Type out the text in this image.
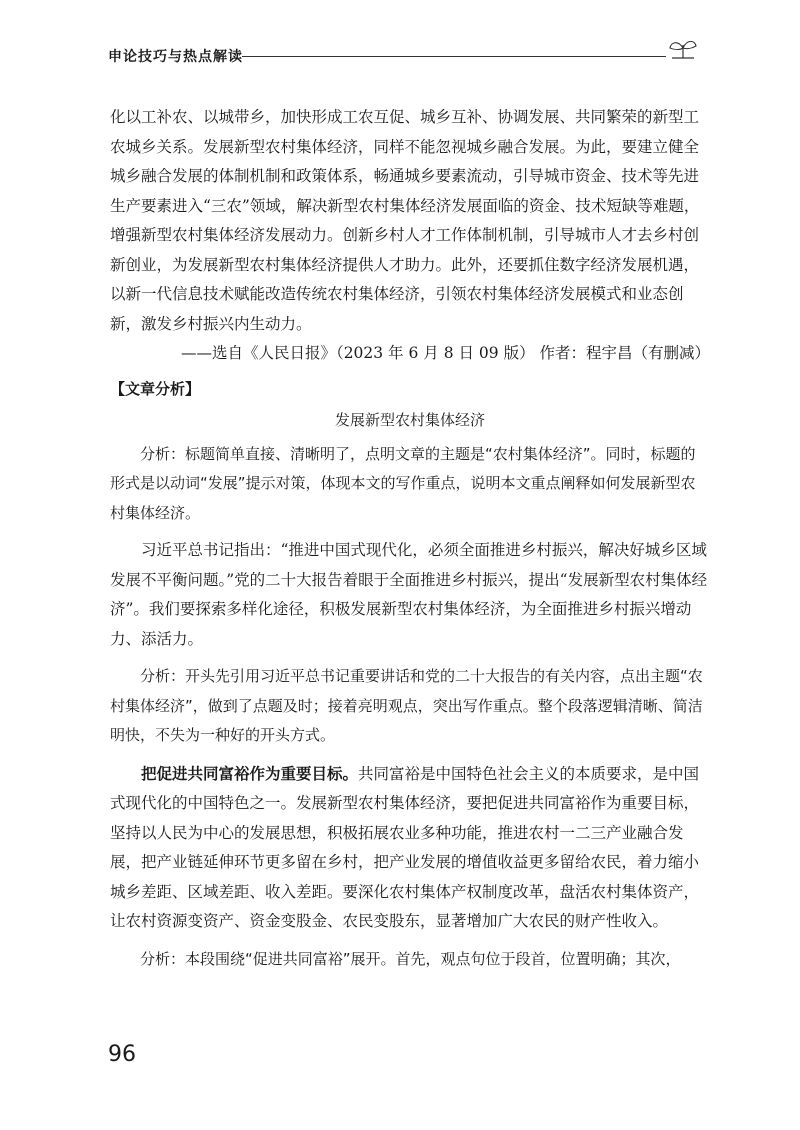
申论技巧与热点解读

化以工补农、以城带乡，加快形成工农互促、城乡互补、协调发展、共同繁荣的新型工农城乡关系。发展新型农村集体经济，同样不能忽视城乡融合发展。为此，要建立健全城乡融合发展的体制机制和政策体系，畅通城乡要素流动，引导城市资金、技术等先进生产要素进入“三农”领域，解决新型农村集体经济发展面临的资金、技术短缺等难题，增强新型农村集体经济发展动力。创新乡村人才工作体制机制，引导城市人才去乡村创新创业，为发展新型农村集体经济提供人才助力。此外，还要抓住数字经济发展机遇，以新一代信息技术赋能改造传统农村集体经济，引领农村集体经济发展模式和业态创新，激发乡村振兴内生动力。

——选自《人民日报》（2023 年 6 月 8 日 09 版） 作者：程宇昌（有删减）

【文章分析】

发展新型农村集体经济

分析：标题简单直接、清晰明了，点明文章的主题是“农村集体经济”。同时，标题的形式是以动词“发展”提示对策，体现本文的写作重点，说明本文重点阐释如何发展新型农村集体经济。

习近平总书记指出：“推进中国式现代化，必须全面推进乡村振兴，解决好城乡区域发展不平衡问题。”党的二十大报告着眼于全面推进乡村振兴，提出“发展新型农村集体经济”。我们要探索多样化途径，积极发展新型农村集体经济，为全面推进乡村振兴增动力、添活力。

分析：开头先引用习近平总书记重要讲话和党的二十大报告的有关内容，点出主题“农村集体经济”，做到了点题及时；接着亮明观点，突出写作重点。整个段落逻辑清晰、简洁明快，不失为一种好的开头方式。

把促进共同富裕作为重要目标。共同富裕是中国特色社会主义的本质要求，是中国式现代化的中国特色之一。发展新型农村集体经济，要把促进共同富裕作为重要目标，坚持以人民为中心的发展思想，积极拓展农业多种功能，推进农村一二三产业融合发展，把产业链延伸环节更多留在乡村，把产业发展的增值收益更多留给农民，着力缩小城乡差距、区域差距、收入差距。要深化农村集体产权制度改革，盘活农村集体资产，让农村资源变资产、资金变股金、农民变股东，显著增加广大农民的财产性收入。

分析：本段围绕“促进共同富裕”展开。首先，观点句位于段首，位置明确；其次，

96
